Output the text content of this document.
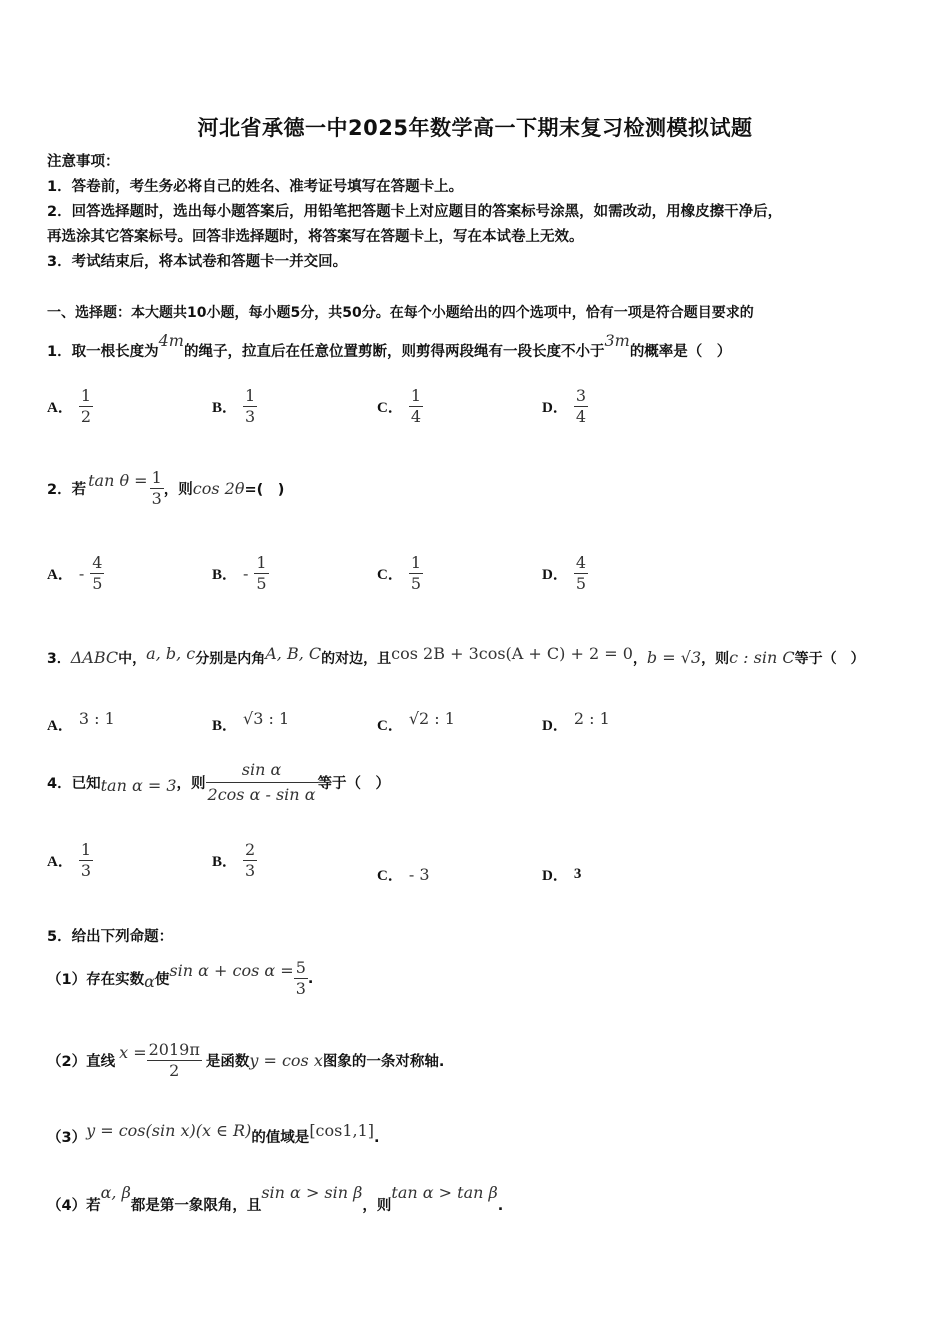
河北省承德一中2025年数学高一下期末复习检测模拟试题
注意事项：
1．答卷前，考生务必将自己的姓名、准考证号填写在答题卡上。
2．回答选择题时，选出每小题答案后，用铅笔把答题卡上对应题目的答案标号涂黑，如需改动，用橡皮擦干净后，
再选涂其它答案标号。回答非选择题时，将答案写在答题卡上，写在本试卷上无效。
3．考试结束后，将本试卷和答题卡一并交回。
一、选择题：本大题共10小题，每小题5分，共50分。在每个小题给出的四个选项中，恰有一项是符合题目要求的
1．取一根长度为4m的绳子，拉直后在任意位置剪断，则剪得两段绳有一段长度不小于3m的概率是（　）
A． $\frac{1}{2}$	B． $\frac{1}{3}$	C． $\frac{1}{4}$	D． $\frac{3}{4}$
2． 若 $\tan \theta = \frac{1}{3}$ ，则 cos 2θ =(　)
A． - $\frac{4}{5}$	B． - $\frac{1}{5}$	C． $\frac{1}{5}$	D． $\frac{4}{5}$
3．ΔABC中，a, b, c分别是内角A, B, C的对边，且cos 2B + 3cos(A + C) + 2 = 0，b = √3，则c : sin C等于（　）
A． 3 : 1	B． √3 : 1	C． √2 : 1	D． 2 : 1
4． 已知 tan α = 3 ，则 $\frac{\text{sin α}}{\text{2cos α - sin α}}$ 等于（　）
A． $\frac{1}{3}$	B． $\frac{2}{3}$	C． - 3	D． 3
5．给出下列命题：
（1）存在实数 α 使 $\sin \alpha + \cos \alpha = \frac{5}{3}$ .
（2）直线 $x = \frac{2019\pi}{2}$ 是函数 y = cos x 图象的一条对称轴.
（3）y = cos(sin x)(x ∈ R)的值域是[cos1,1].
（4）若α, β都是第一象限角，且sin α > sin β，则tan α > tan β.
